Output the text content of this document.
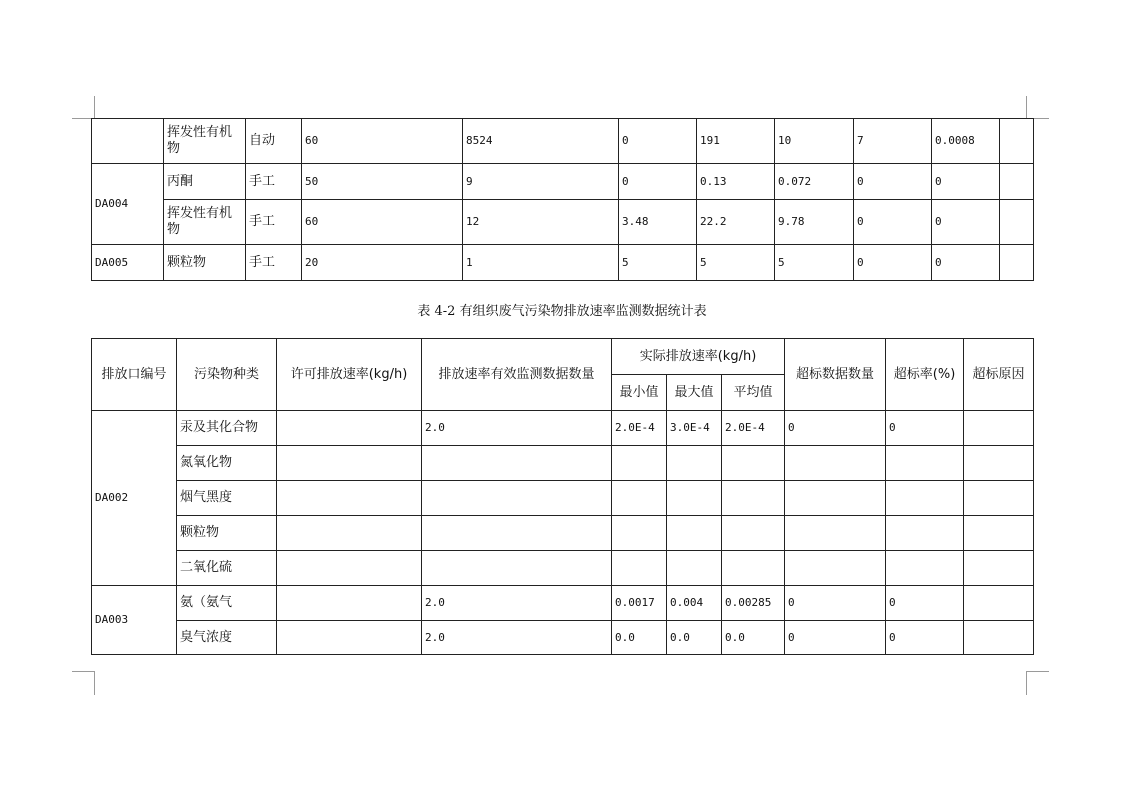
	挥发性有机物	自动	60	8524	0	191	10	7	0.0008	
DA004	丙酮	手工	50	9	0	0.13	0.072	0	0	
	挥发性有机物	手工	60	12	3.48	22.2	9.78	0	0	
DA005	颗粒物	手工	20	1	5	5	5	0	0	
表 4-2 有组织废气污染物排放速率监测数据统计表
排放口编号	污染物种类	许可排放速率(kg/h)	排放速率有效监测数据数量	实际排放速率(kg/h)			超标数据数量	超标率(%)	超标原因
				最小值	最大值	平均值			
DA002	汞及其化合物		2.0	2.0E-4	3.0E-4	2.0E-4	0	0	
	氮氧化物								
	烟气黑度								
	颗粒物								
	二氧化硫								
DA003	氨（氨气		2.0	0.0017	0.004	0.00285	0	0	
	臭气浓度		2.0	0.0	0.0	0.0	0	0	
